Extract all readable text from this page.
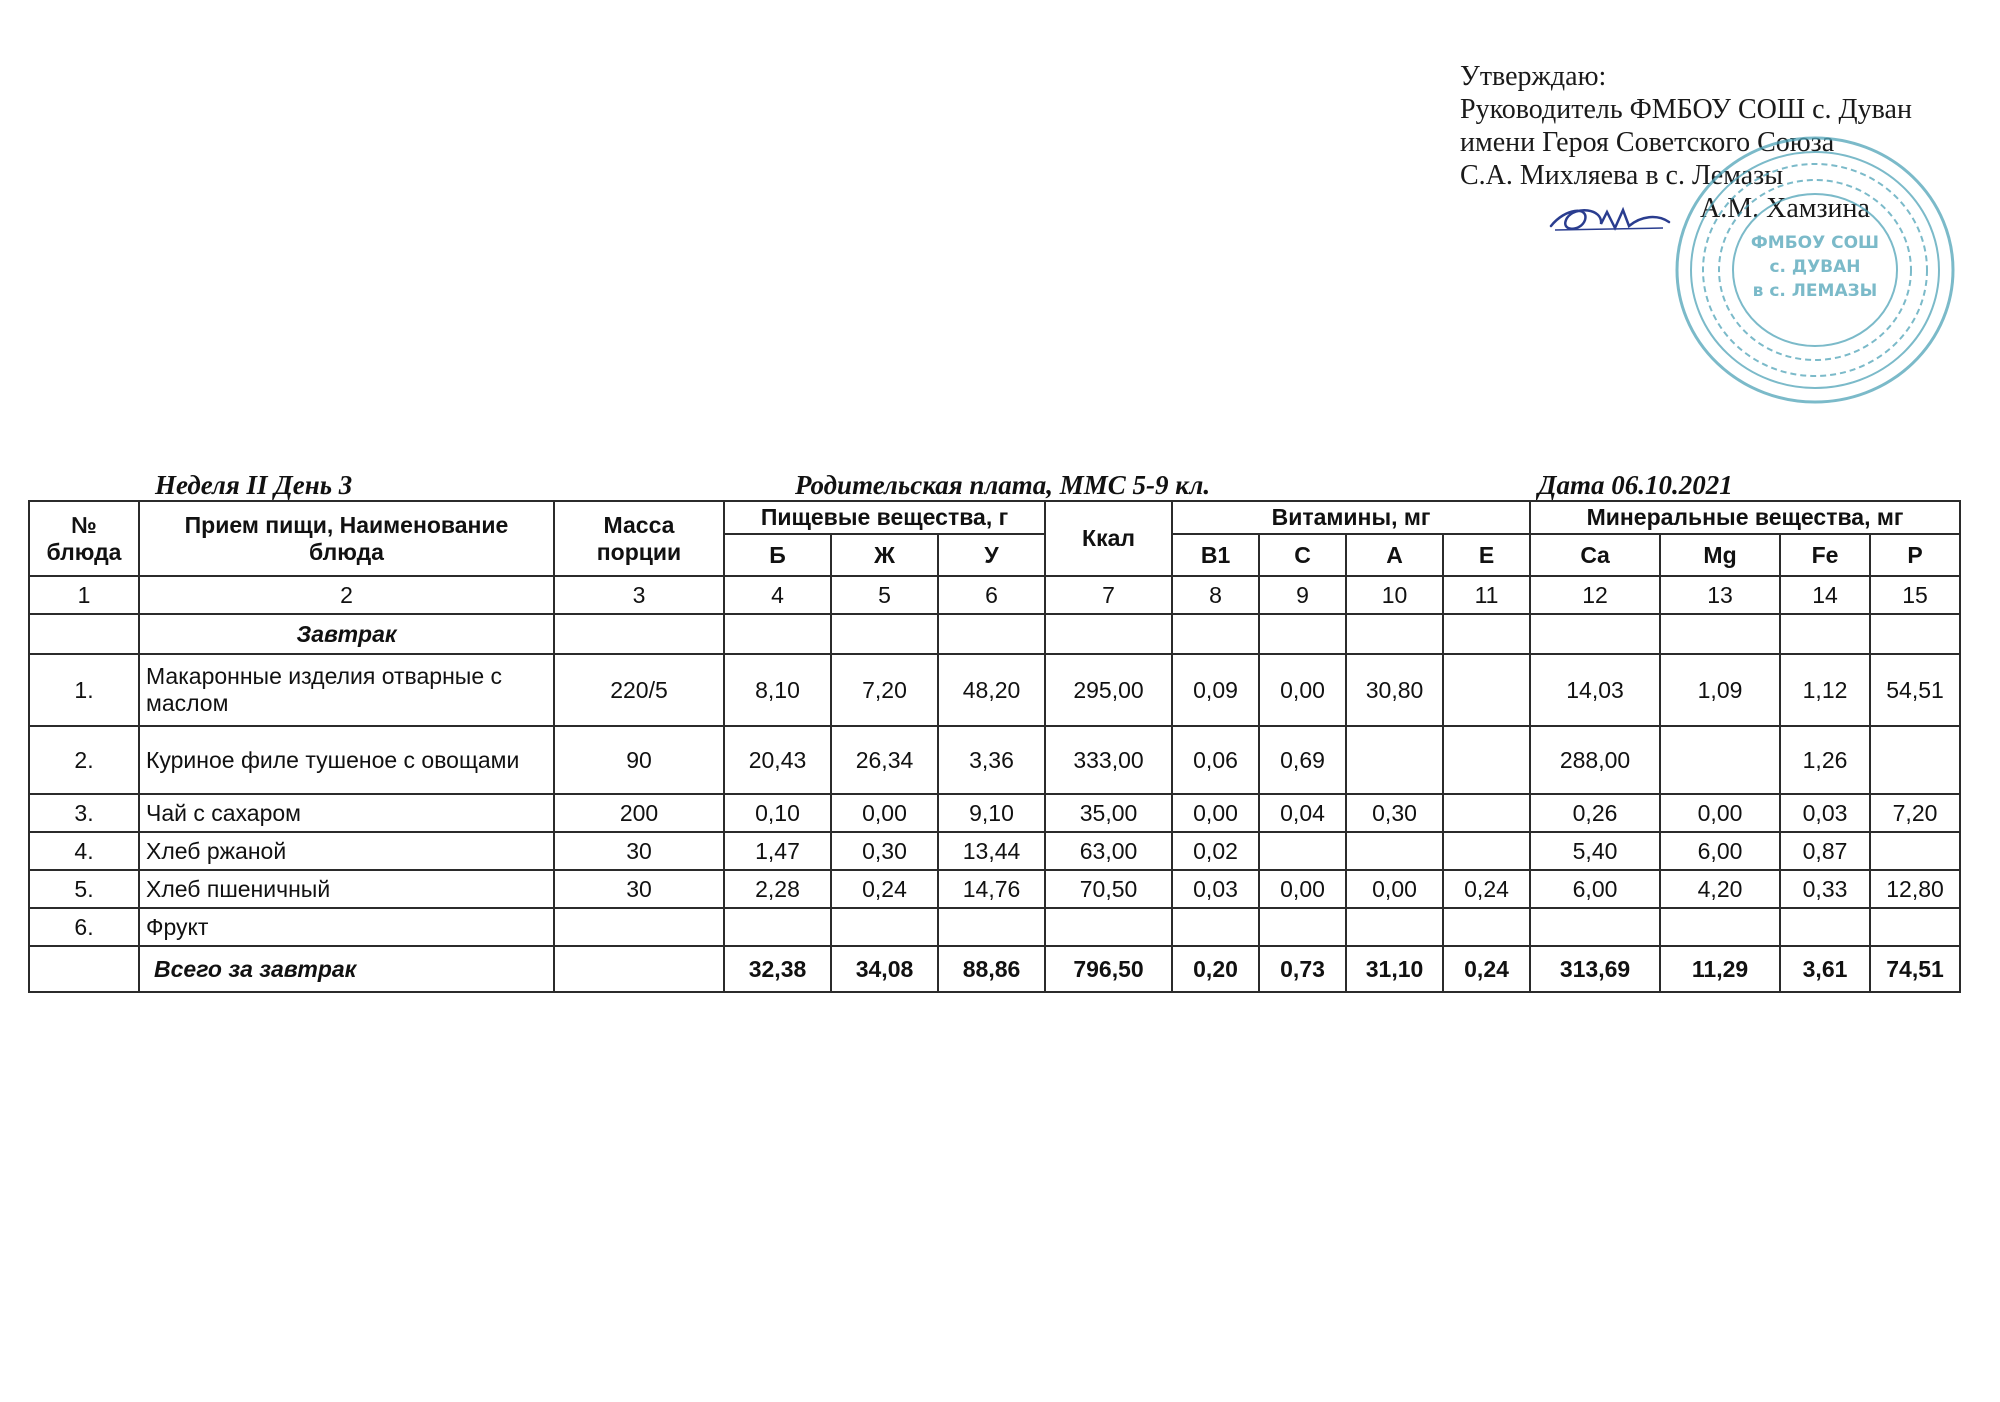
Утверждаю:
Руководитель ФМБОУ СОШ с. Дуван
имени Героя Советского Союза
С.А. Михляева в с. Лемазы
А.М. Хамзина
ФМБОУ СОШ
с. ДУВАН
в с. ЛЕМАЗЫ
Неделя II День 3	Родительская плата, ММС 5-9 кл.	Дата 06.10.2021
№ блюда	Прием пищи, Наименование блюда	Масса порции	Пищевые вещества, г			Ккал	Витамины, мг				Минеральные вещества, мг			
			Б	Ж	У		В1	C	A	E	Ca	Mg	Fe	P
1	2	3	4	5	6	7	8	9	10	11	12	13	14	15
	Завтрак													
1.	Макаронные изделия отварные с маслом	220/5	8,10	7,20	48,20	295,00	0,09	0,00	30,80		14,03	1,09	1,12	54,51
2.	Куриное филе тушеное с овощами	90	20,43	26,34	3,36	333,00	0,06	0,69			288,00		1,26	
3.	Чай с сахаром	200	0,10	0,00	9,10	35,00	0,00	0,04	0,30		0,26	0,00	0,03	7,20
4.	Хлеб ржаной	30	1,47	0,30	13,44	63,00	0,02				5,40	6,00	0,87	
5.	Хлеб пшеничный	30	2,28	0,24	14,76	70,50	0,03	0,00	0,00	0,24	6,00	4,20	0,33	12,80
6.	Фрукт													
	Всего за завтрак		32,38	34,08	88,86	796,50	0,20	0,73	31,10	0,24	313,69	11,29	3,61	74,51
